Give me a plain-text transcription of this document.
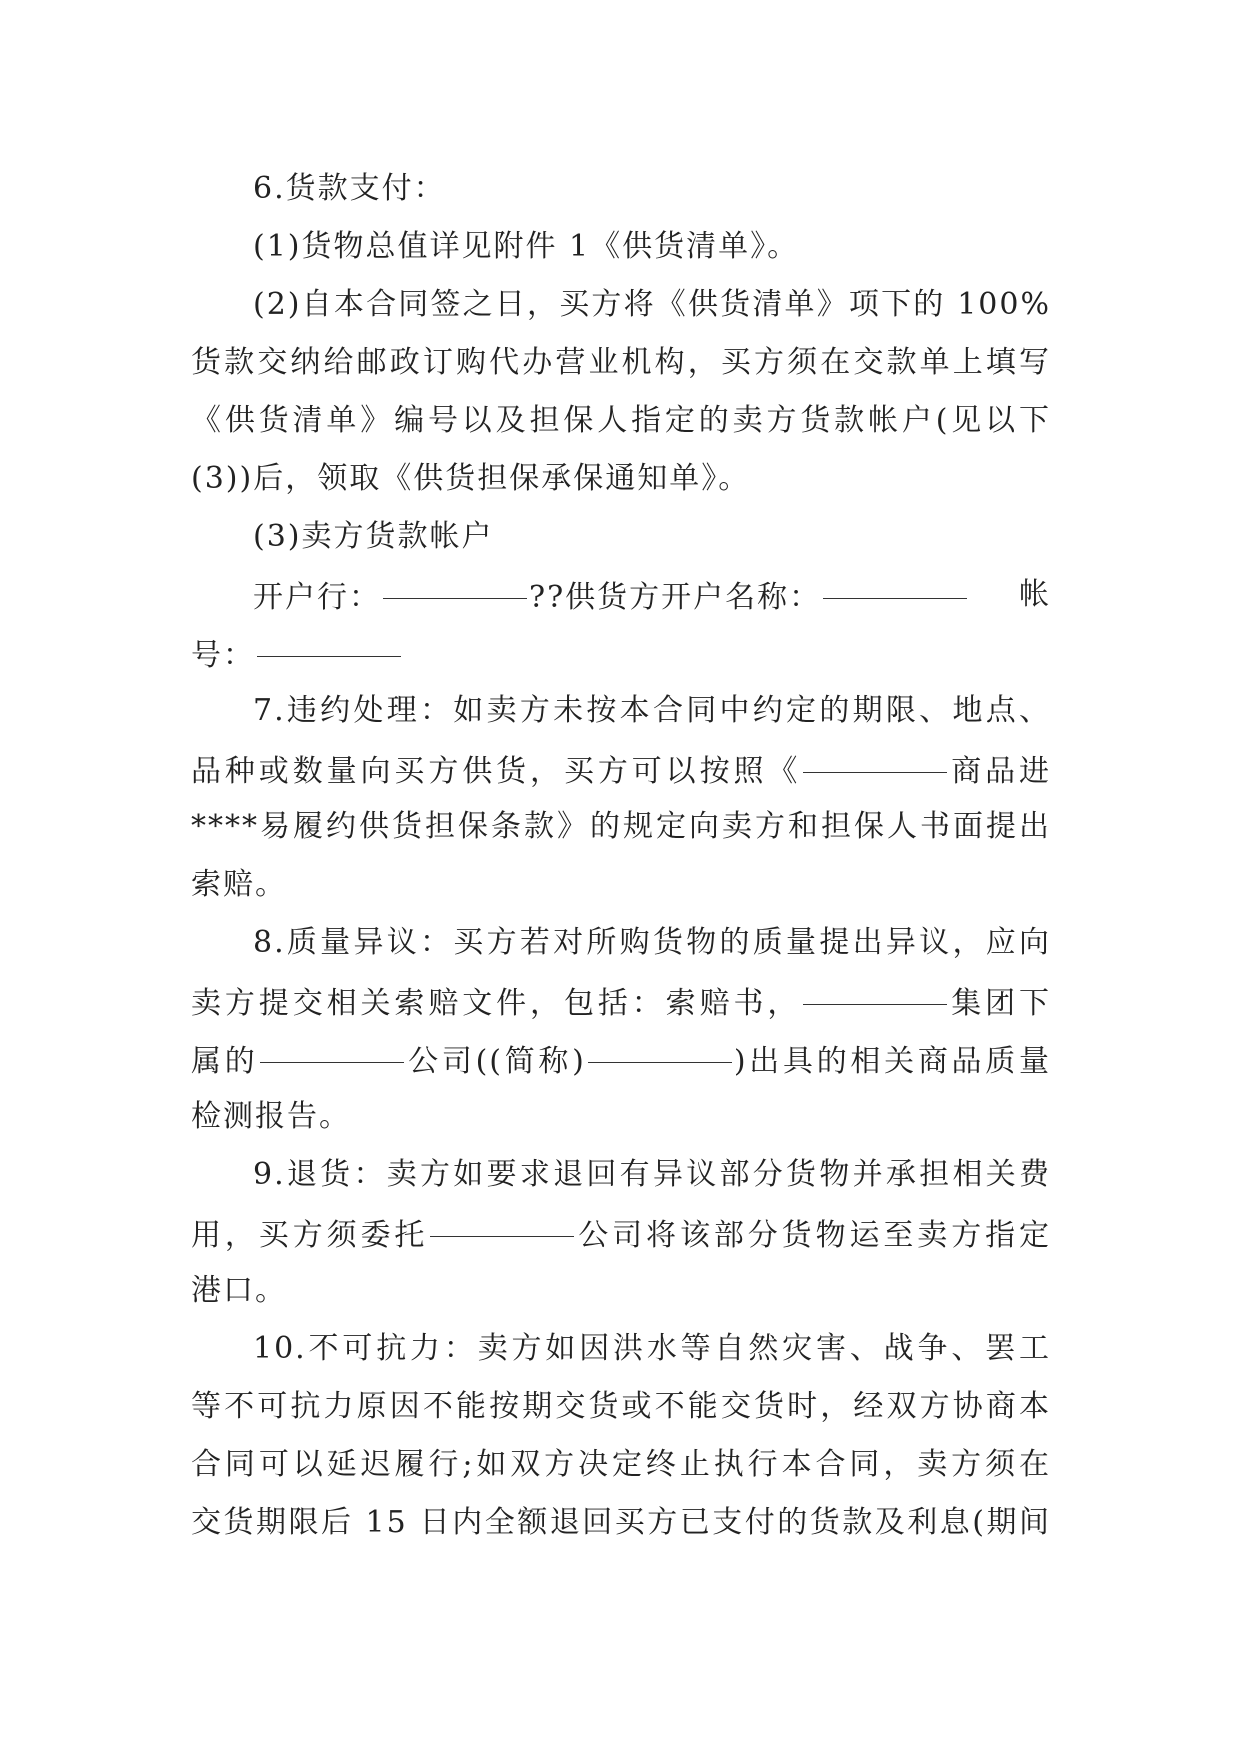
6.货款支付：
(1)货物总值详见附件 1《供货清单》。
(2)自本合同签之日，买方将《供货清单》项下的 100%
货款交纳给邮政订购代办营业机构，买方须在交款单上填写
《供货清单》编号以及担保人指定的卖方货款帐户(见以下
(3))后，领取《供货担保承保通知单》。
(3)卖方货款帐户
开户行：	??供货方开户名称：	帐
号：
7.违约处理：如卖方未按本合同中约定的期限、地点、
品种或数量向买方供货，买方可以按照《	商品进
****易履约供货担保条款》的规定向卖方和担保人书面提出
索赔。
8.质量异议：买方若对所购货物的质量提出异议，应向
卖方提交相关索赔文件，包括：索赔书，	集团下
属的	公司((简称)	)出具的相关商品质量
检测报告。
9.退货：卖方如要求退回有异议部分货物并承担相关费
用，买方须委托	公司将该部分货物运至卖方指定
港口。
10.不可抗力：卖方如因洪水等自然灾害、战争、罢工
等不可抗力原因不能按期交货或不能交货时，经双方协商本
合同可以延迟履行;如双方决定终止执行本合同，卖方须在
交货期限后 15 日内全额退回买方已支付的货款及利息(期间
